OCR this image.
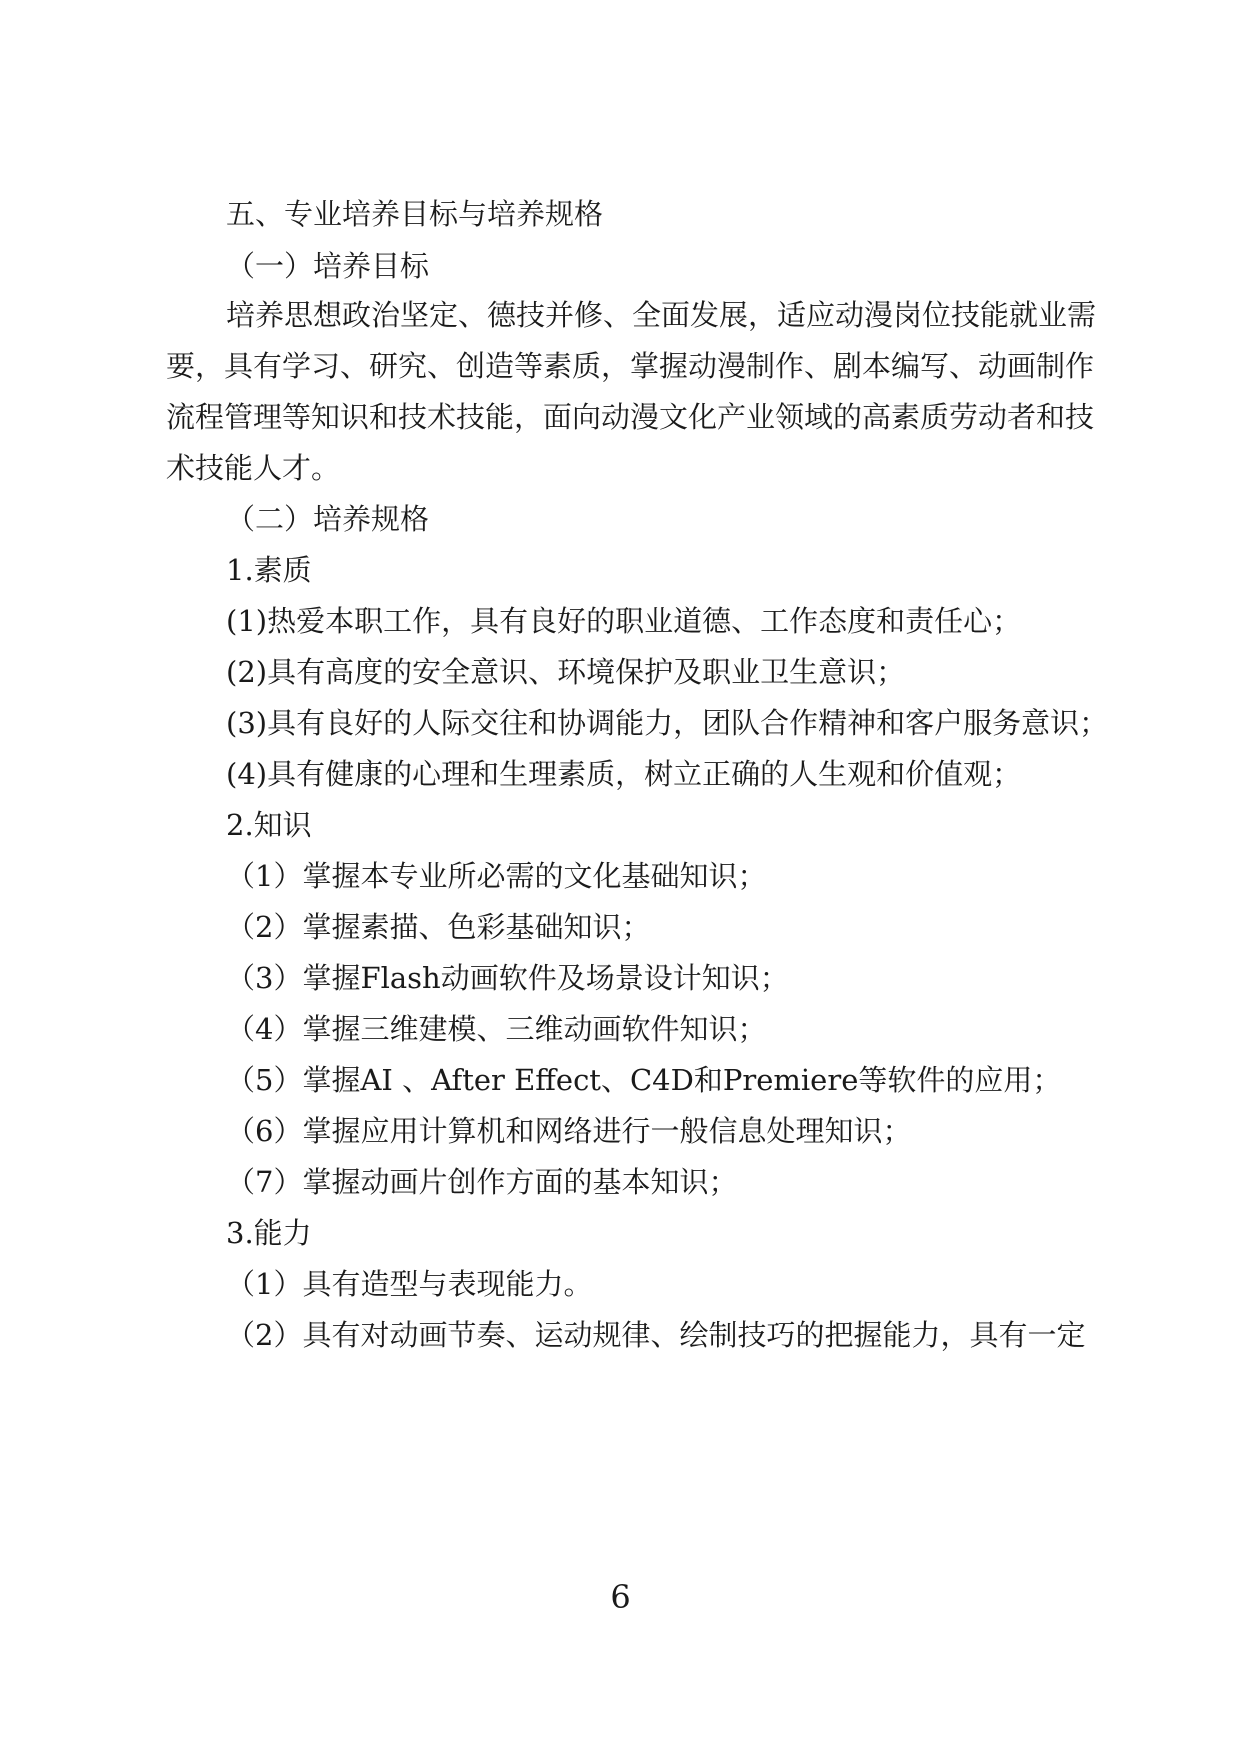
五、专业培养目标与培养规格
（一）培养目标
培养思想政治坚定、德技并修、全面发展，适应动漫岗位技能就业需
要，具有学习、研究、创造等素质，掌握动漫制作、剧本编写、动画制作
流程管理等知识和技术技能，面向动漫文化产业领域的高素质劳动者和技
术技能人才。
（二）培养规格
1.素质
(1)热爱本职工作，具有良好的职业道德、工作态度和责任心；
(2)具有高度的安全意识、环境保护及职业卫生意识；
(3)具有良好的人际交往和协调能力，团队合作精神和客户服务意识；
(4)具有健康的心理和生理素质，树立正确的人生观和价值观；
2.知识
（1）掌握本专业所必需的文化基础知识；
（2）掌握素描、色彩基础知识；
（3）掌握Flash动画软件及场景设计知识；
（4）掌握三维建模、三维动画软件知识；
（5）掌握AI 、After Effect、C4D和Premiere等软件的应用；
（6）掌握应用计算机和网络进行一般信息处理知识；
（7）掌握动画片创作方面的基本知识；
3.能力
（1）具有造型与表现能力。
（2）具有对动画节奏、运动规律、绘制技巧的把握能力，具有一定
6
